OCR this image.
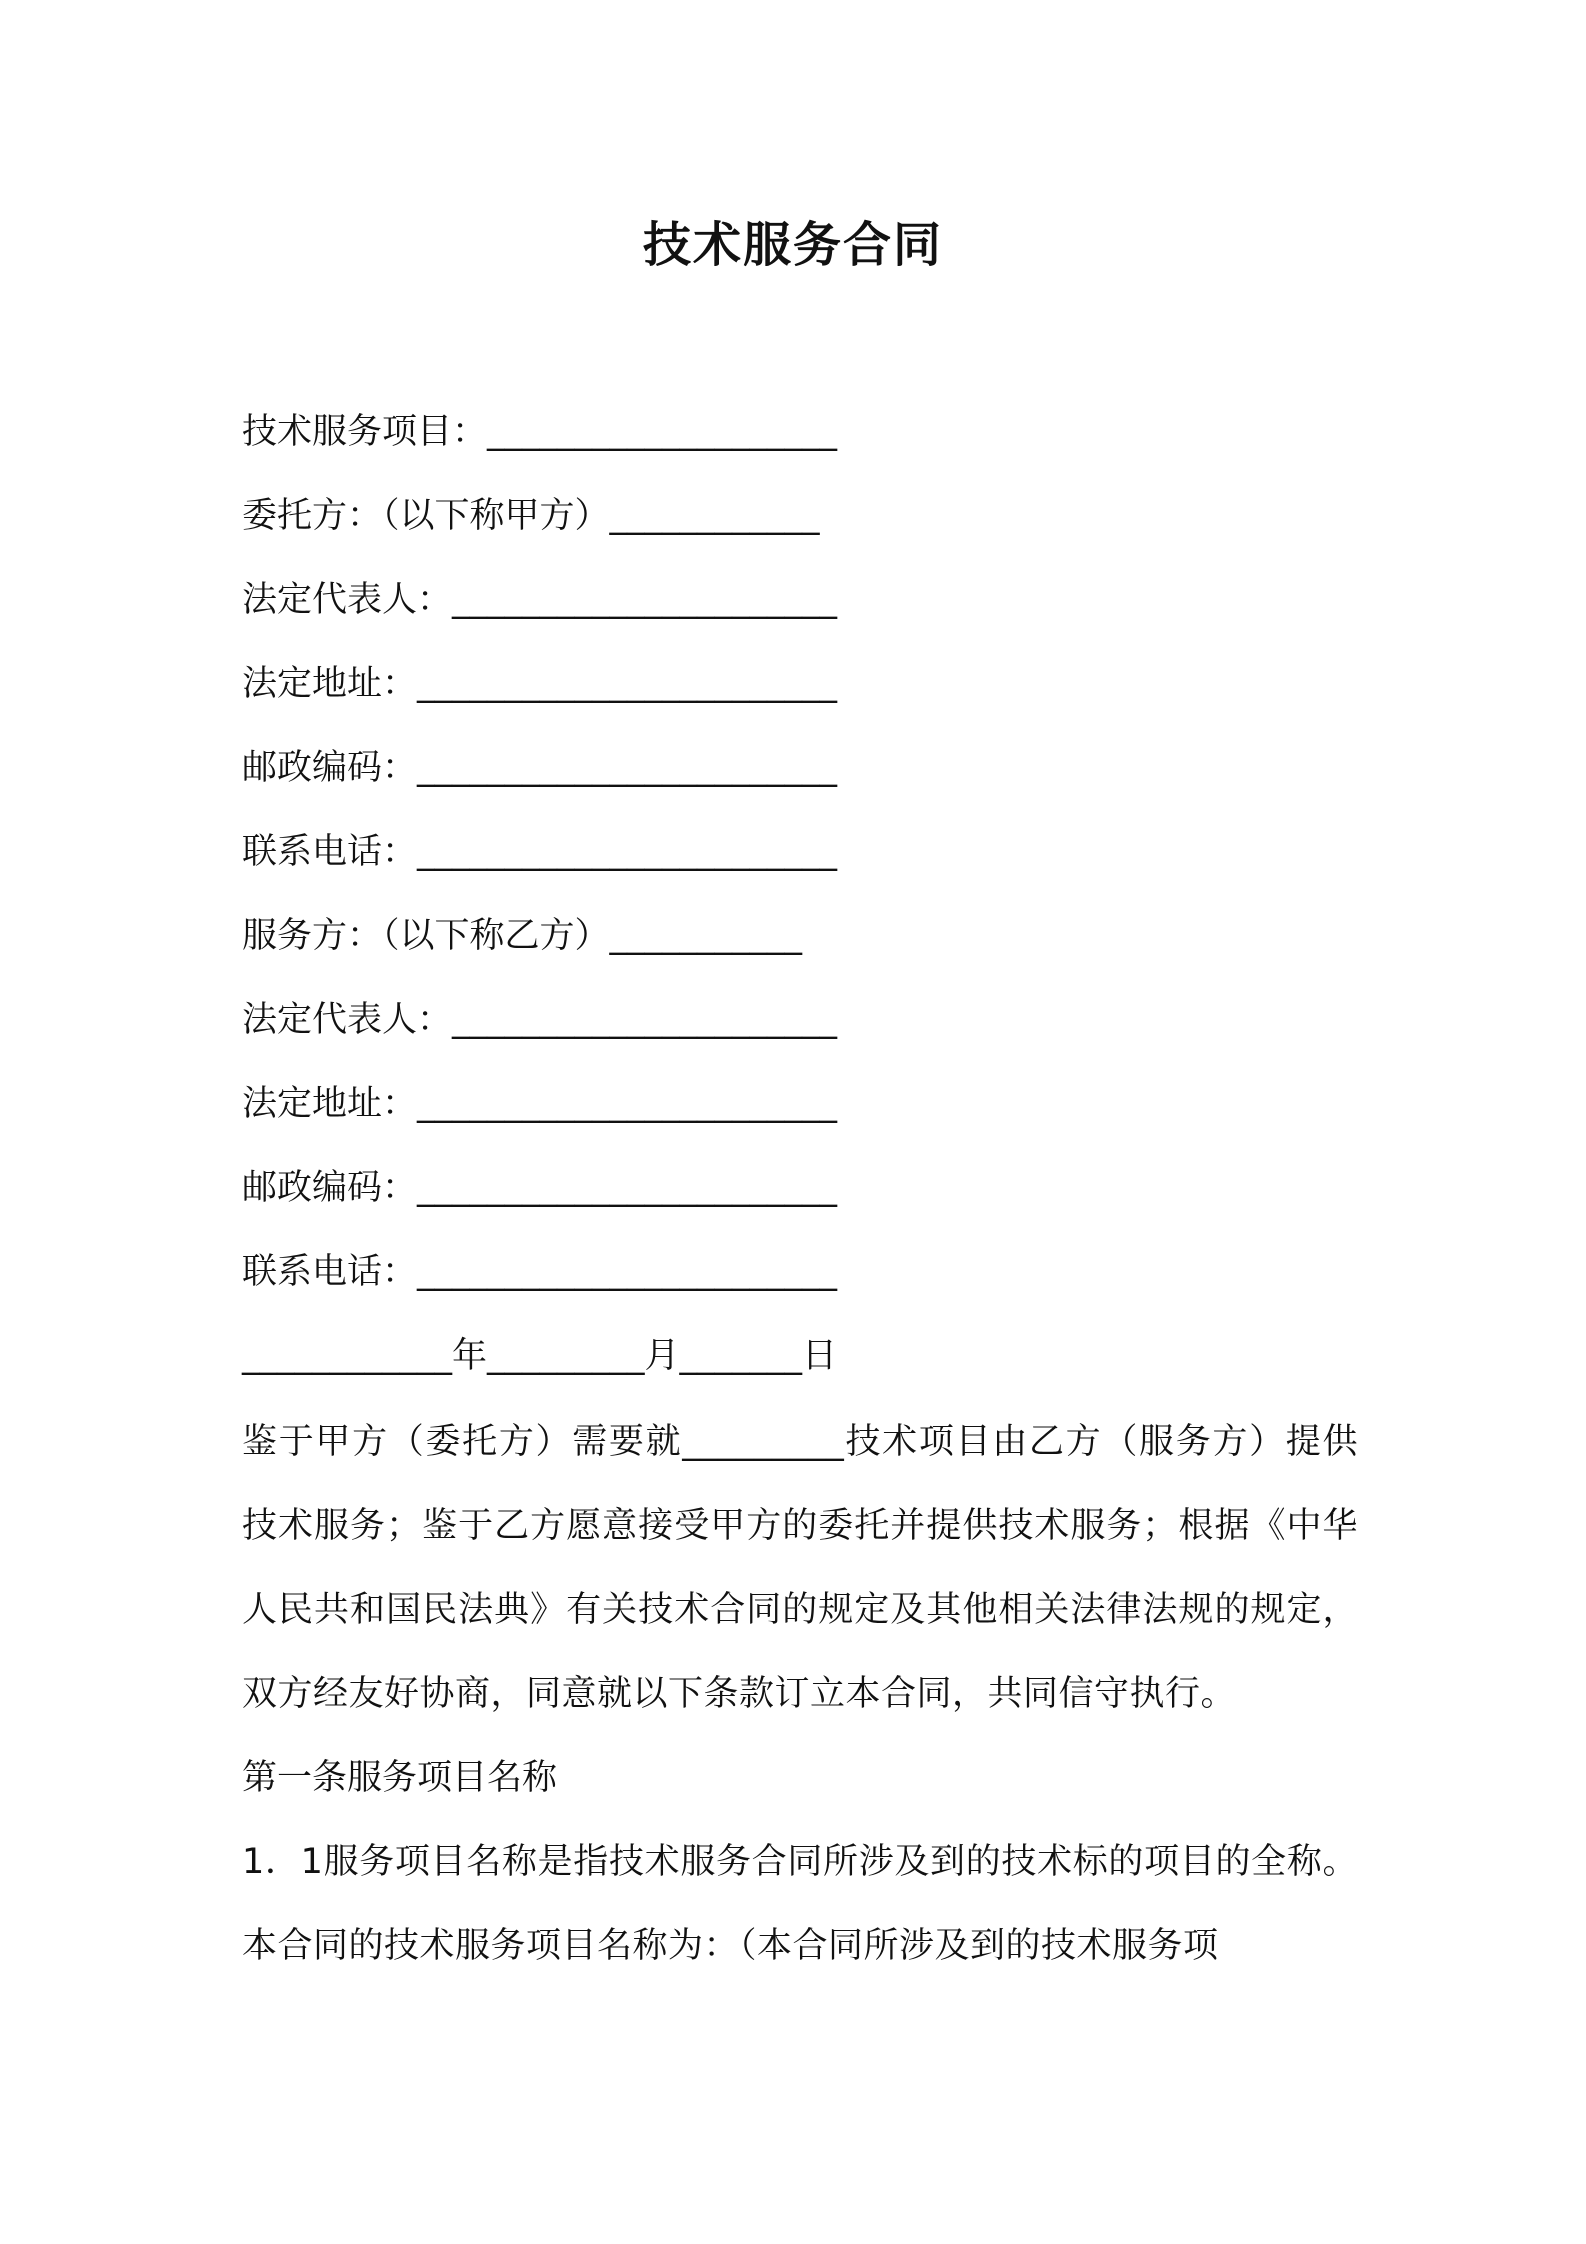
技术服务合同
技术服务项目：____________________
委托方：（以下称甲方）____________
法定代表人：______________________
法定地址：________________________
邮政编码：________________________
联系电话：________________________
服务方：（以下称乙方）___________
法定代表人：______________________
法定地址：________________________
邮政编码：________________________
联系电话：________________________
____________年_________月_______日

鉴于甲方（委托方）需要就_________技术项目由乙方（服务方）提供技术服务；鉴于乙方愿意接受甲方的委托并提供技术服务；根据《中华人民共和国民法典》有关技术合同的规定及其他相关法律法规的规定，双方经友好协商，同意就以下条款订立本合同，共同信守执行。

第一条服务项目名称

1．1服务项目名称是指技术服务合同所涉及到的技术标的项目的全称。本合同的技术服务项目名称为：（本合同所涉及到的技术服务项
